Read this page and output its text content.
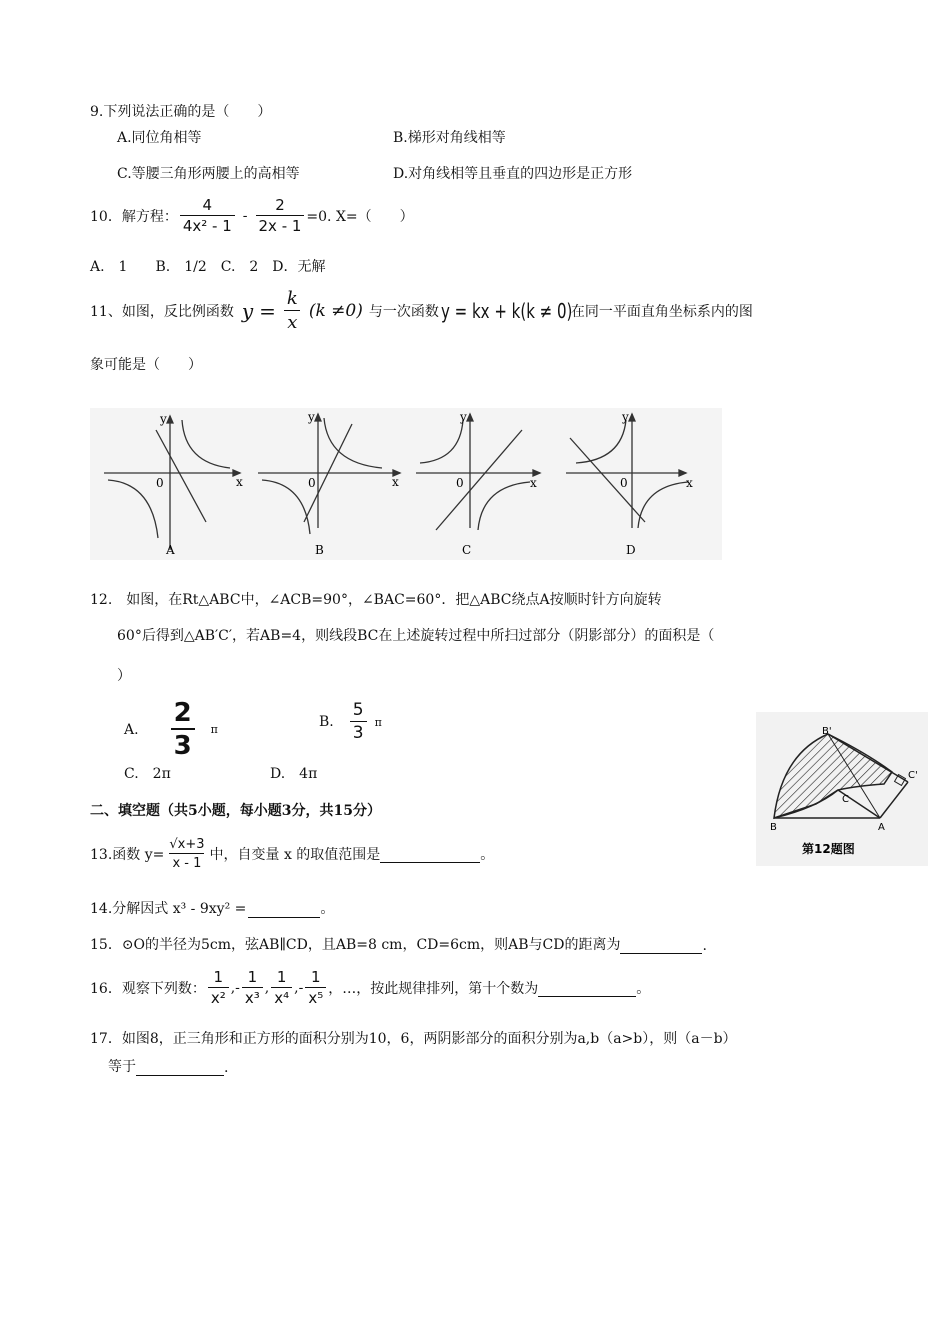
9.下列说法正确的是（　　）
A.同位角相等	B.梯形对角线相等
C.等腰三角形两腰上的高相等	D.对角线相等且垂直的四边形是正方形
10．解方程： $\frac{4}{\text{4x² - 1}} - \frac{2}{2x - 1} =0$. X=（　　）
A.　1　　B.　1/2　C.　2　D．无解
11、如图，反比例函数 $y = \frac{k}{x} (k \ne 0)$ 与一次函数 y = kx + k(k ≠ 0)
在同一平面直角坐标系内的图
象可能是（　　）
y
x
0
A
y
x
0
B
y
x
0
C
y
x
0
D
12.　如图，在Rt△ABC中，∠ACB=90°，∠BAC=60°．把△ABC绕点A按顺时针方向旋转
60°后得到△AB′C′，若AB=4，则线段BC在上述旋转过程中所扫过部分（阴影部分）的面积是（
）
A. $\frac{2}{3}$ π	B. $\frac{5}{3}$ π
C.　2π	D.　4π
B'
C'
C
B	A
第12题图
二、填空题（共5小题，每小题3分，共15分）
13.函数 $y= \frac{√x+3}{x - 1}$ 中，自变量 x 的取值范围是	。
14.分解因式 x³ - 9xy² =	。
15．⊙O的半径为5cm，弦AB∥CD，且AB=8 cm，CD=6cm，则AB与CD的距离为	.
16．观察下列数： $\frac{1}{\text{x²}}$ , - $\frac{1}{\text{x³}}$ , $\frac{1}{\text{x⁴}}$ , - $\frac{1}{\text{x⁵}}$ ，…，按此规律排列，第十个数为	。
17．如图8，正三角形和正方形的面积分别为10，6，两阴影部分的面积分别为a,b（a>b），则（a－b）
等于	.
